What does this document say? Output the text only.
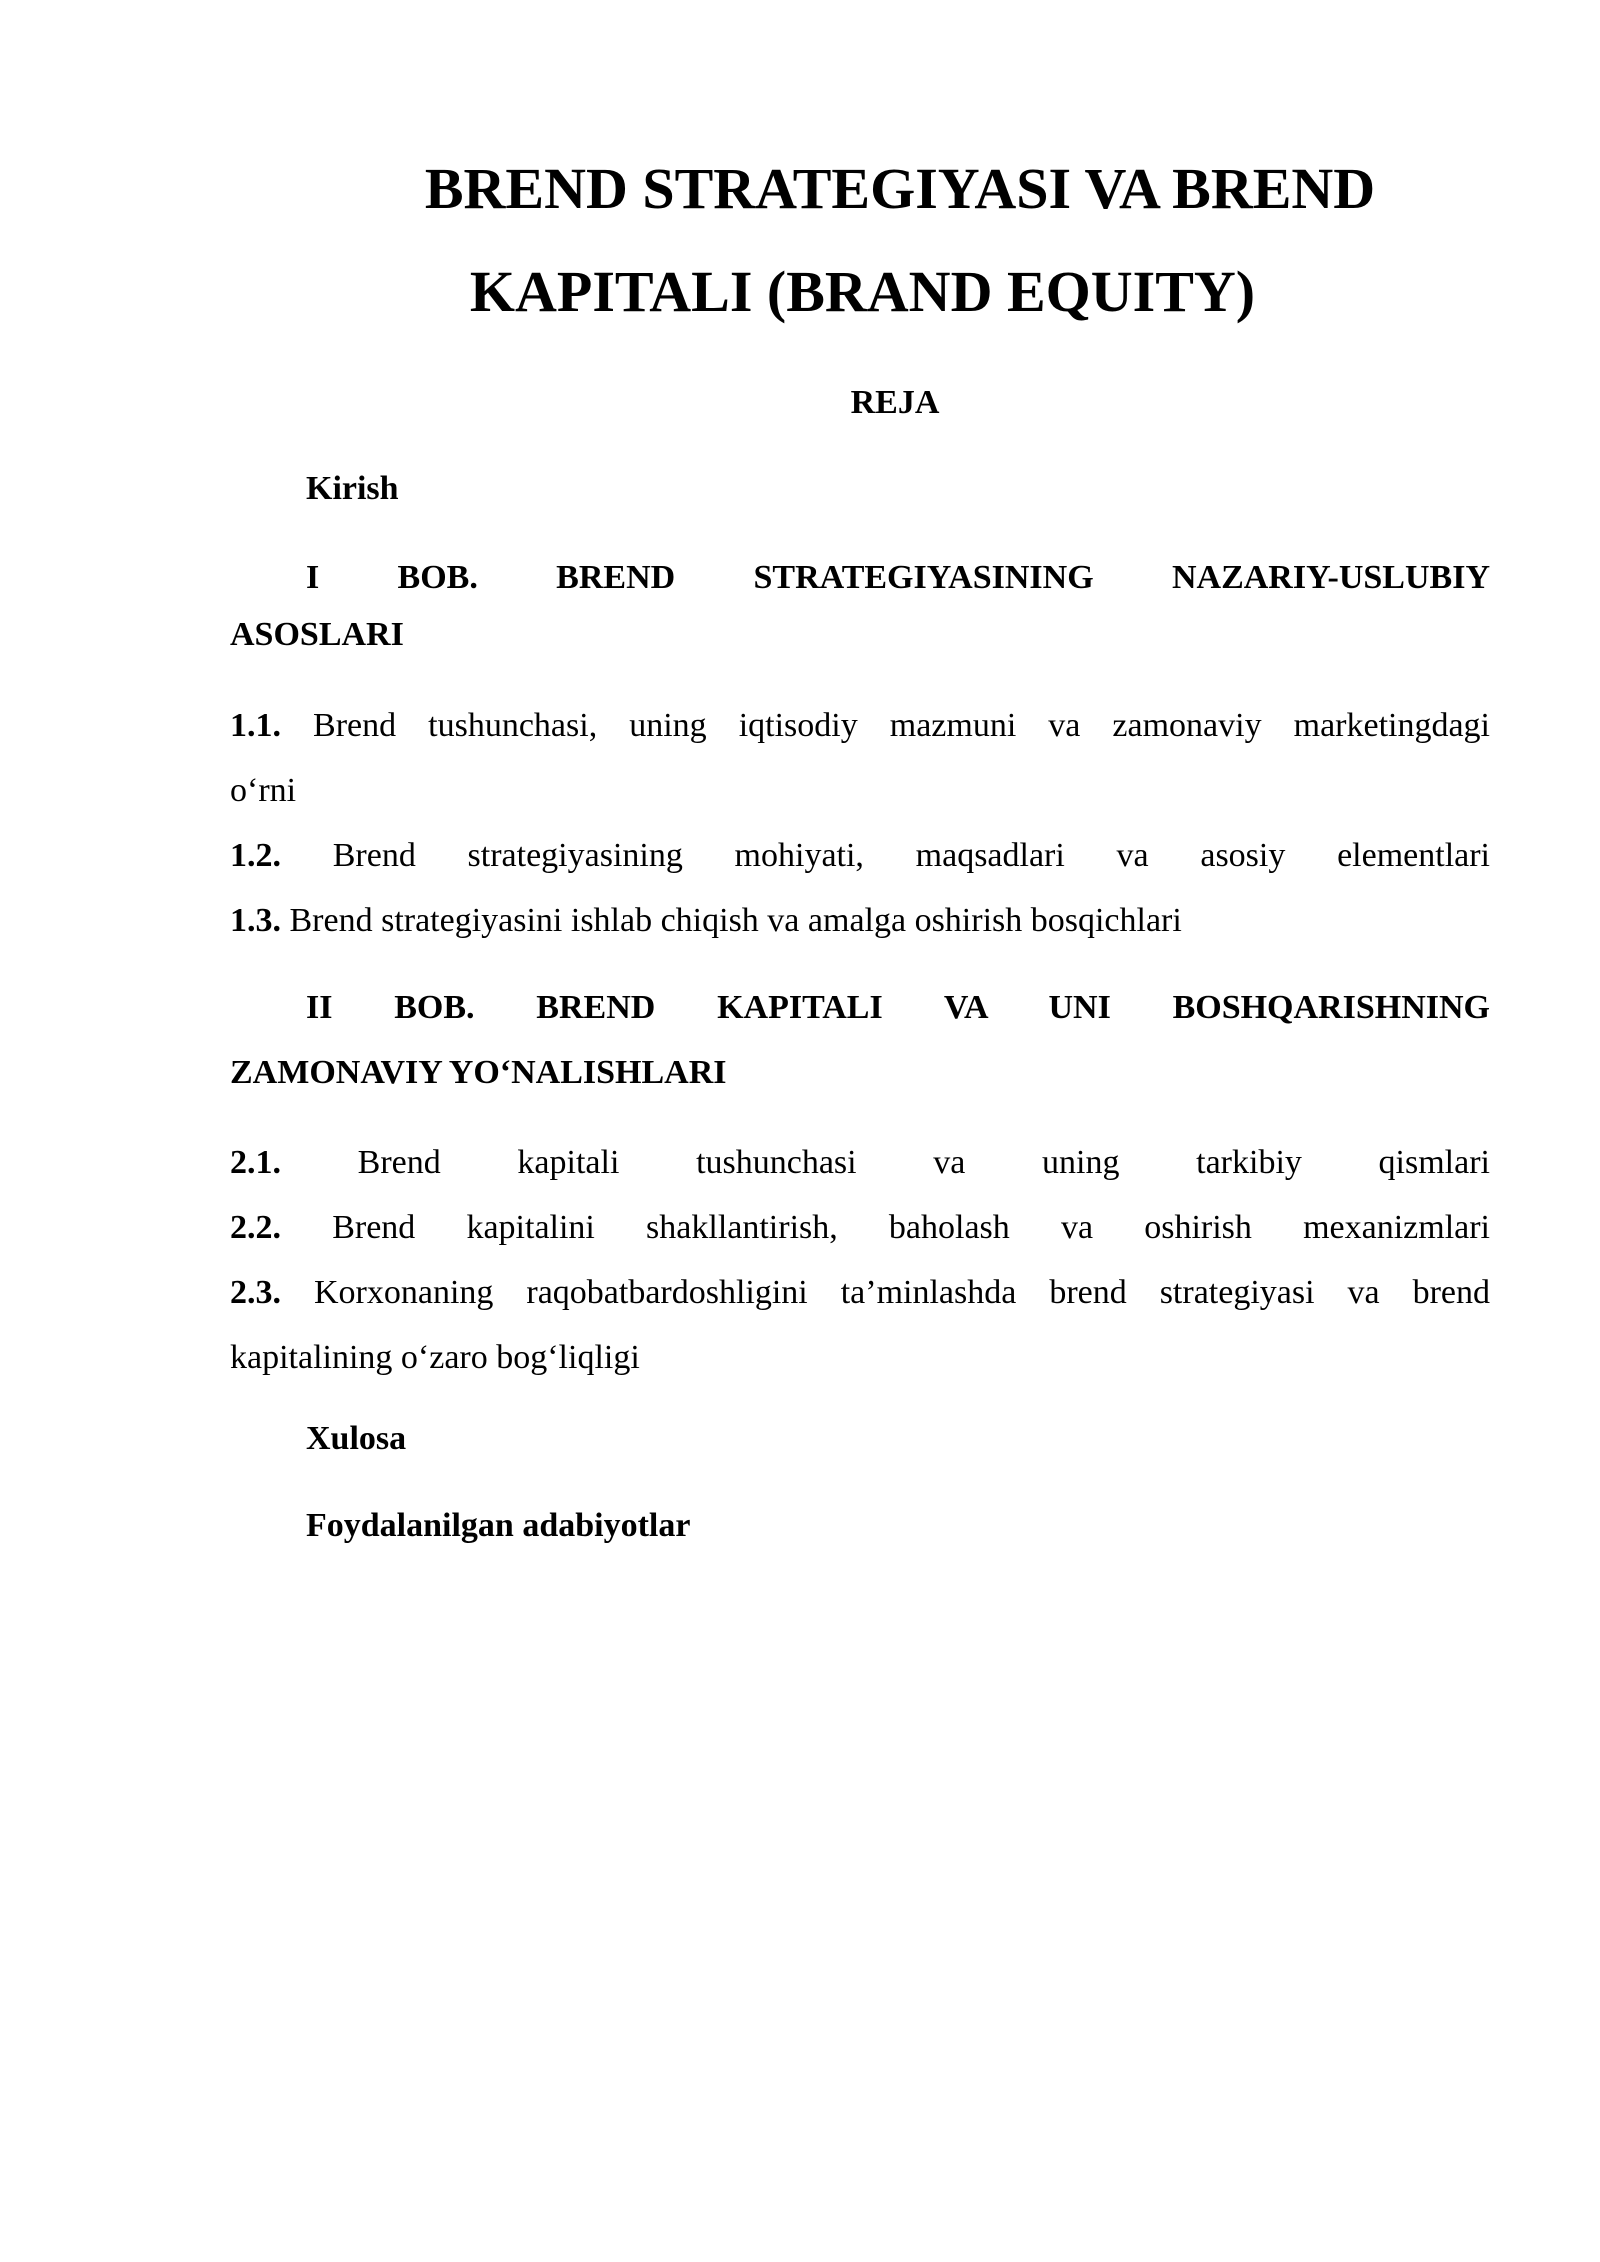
BREND STRATEGIYASI VA BREND
KAPITALI (BRAND EQUITY)
REJA
Kirish
I BOB. BREND STRATEGIYASINING NAZARIY-USLUBIY
ASOSLARI
1.1. Brend tushunchasi, uning iqtisodiy mazmuni va zamonaviy marketingdagi
o‘rni
1.2. Brend strategiyasining mohiyati, maqsadlari va asosiy elementlari
1.3. Brend strategiyasini ishlab chiqish va amalga oshirish bosqichlari
II BOB. BREND KAPITALI VA UNI BOSHQARISHNING
ZAMONAVIY YO‘NALISHLARI
2.1. Brend kapitali tushunchasi va uning tarkibiy qismlari
2.2. Brend kapitalini shakllantirish, baholash va oshirish mexanizmlari
2.3. Korxonaning raqobatbardoshligini ta’minlashda brend strategiyasi va brend
kapitalining o‘zaro bog‘liqligi
Xulosa
Foydalanilgan adabiyotlar
